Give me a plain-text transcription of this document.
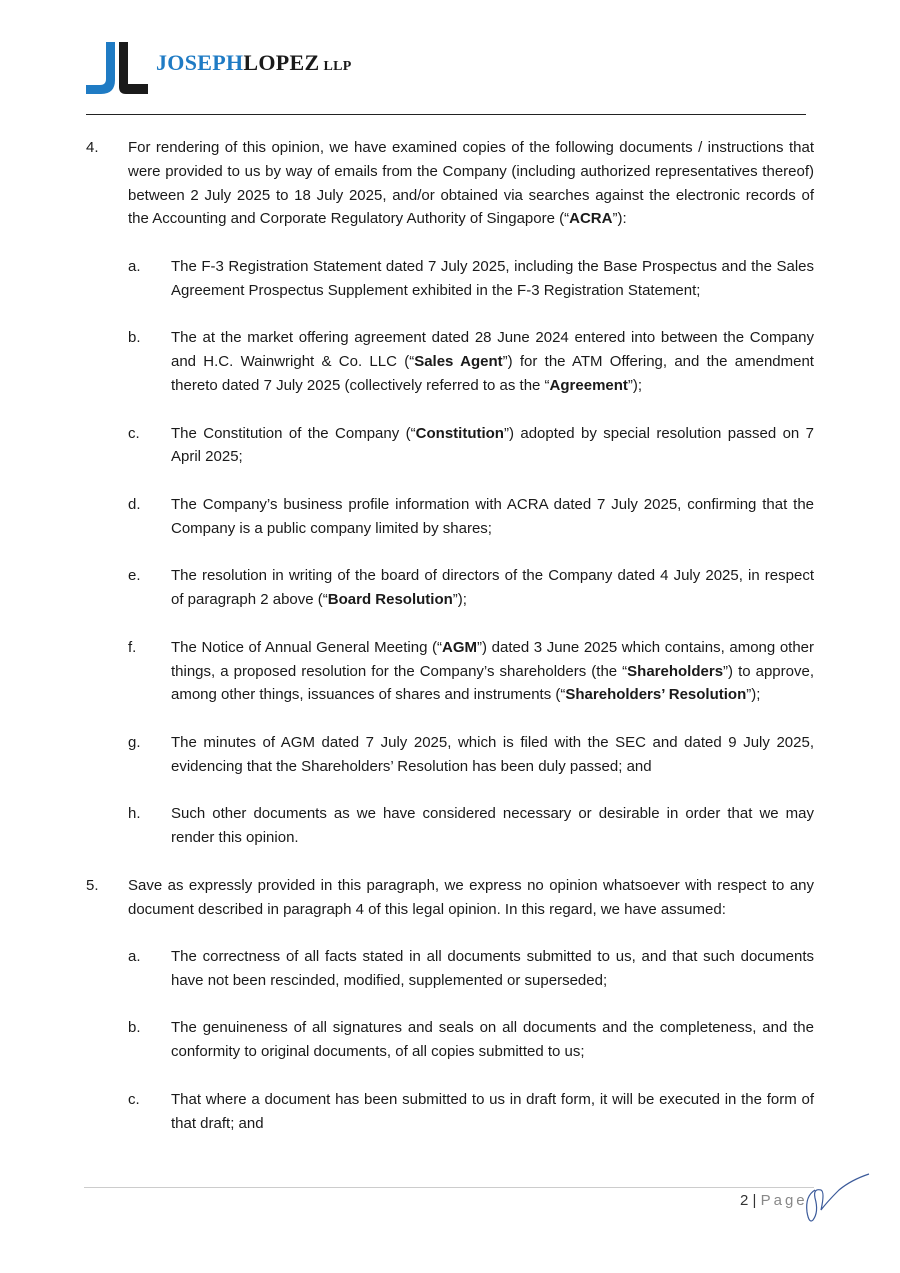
JOSEPHLOPEZ LLP
4. For rendering of this opinion, we have examined copies of the following documents / instructions that were provided to us by way of emails from the Company (including authorized representatives thereof) between 2 July 2025 to 18 July 2025, and/or obtained via searches against the electronic records of the Accounting and Corporate Regulatory Authority of Singapore (“ACRA”):
a. The F-3 Registration Statement dated 7 July 2025, including the Base Prospectus and the Sales Agreement Prospectus Supplement exhibited in the F-3 Registration Statement;
b. The at the market offering agreement dated 28 June 2024 entered into between the Company and H.C. Wainwright & Co. LLC (“Sales Agent”) for the ATM Offering, and the amendment thereto dated 7 July 2025 (collectively referred to as the “Agreement”);
c. The Constitution of the Company (“Constitution”) adopted by special resolution passed on 7 April 2025;
d. The Company’s business profile information with ACRA dated 7 July 2025, confirming that the Company is a public company limited by shares;
e. The resolution in writing of the board of directors of the Company dated 4 July 2025, in respect of paragraph 2 above (“Board Resolution”);
f. The Notice of Annual General Meeting (“AGM”) dated 3 June 2025 which contains, among other things, a proposed resolution for the Company’s shareholders (the “Shareholders”) to approve, among other things, issuances of shares and instruments (“Shareholders’ Resolution”);
g. The minutes of AGM dated 7 July 2025, which is filed with the SEC and dated 9 July 2025, evidencing that the Shareholders’ Resolution has been duly passed; and
h. Such other documents as we have considered necessary or desirable in order that we may render this opinion.
5. Save as expressly provided in this paragraph, we express no opinion whatsoever with respect to any document described in paragraph 4 of this legal opinion. In this regard, we have assumed:
a. The correctness of all facts stated in all documents submitted to us, and that such documents have not been rescinded, modified, supplemented or superseded;
b. The genuineness of all signatures and seals on all documents and the completeness, and the conformity to original documents, of all copies submitted to us;
c. That where a document has been submitted to us in draft form, it will be executed in the form of that draft; and
2 | Page
